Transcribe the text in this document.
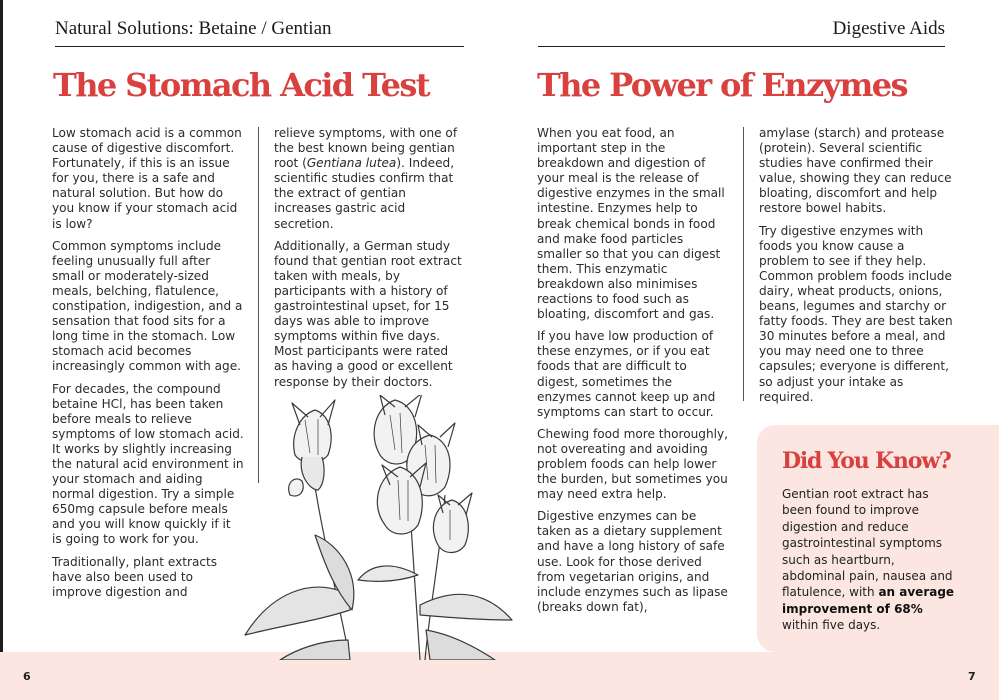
Natural Solutions: Betaine / Gentian
The Stomach Acid Test

Low stomach acid is a common cause of digestive discomfort. Fortunately, if this is an issue for you, there is a safe and natural solution. But how do you know if your stomach acid is low?

Common symptoms include feeling unusually full after small or moderately-sized meals, belching, flatulence, constipation, indigestion, and a sensation that food sits for a long time in the stomach. Low stomach acid becomes increasingly common with age.

For decades, the compound betaine HCl, has been taken before meals to relieve symptoms of low stomach acid. It works by slightly increasing the natural acid environment in your stomach and aiding normal digestion. Try a simple 650mg capsule before meals and you will know quickly if it is going to work for you.

Traditionally, plant extracts have also been used to improve digestion and

relieve symptoms, with one of the best known being gentian root (Gentiana lutea). Indeed, scientific studies confirm that the extract of gentian increases gastric acid secretion.

Additionally, a German study found that gentian root extract taken with meals, by participants with a history of gastrointestinal upset, for 15 days was able to improve symptoms within five days. Most participants were rated as having a good or excellent response by their doctors.

6
Digestive Aids
The Power of Enzymes

When you eat food, an important step in the breakdown and digestion of your meal is the release of digestive enzymes in the small intestine. Enzymes help to break chemical bonds in food and make food particles smaller so that you can digest them. This enzymatic breakdown also minimises reactions to food such as bloating, discomfort and gas.

If you have low production of these enzymes, or if you eat foods that are difficult to digest, sometimes the enzymes cannot keep up and symptoms can start to occur.

Chewing food more thoroughly, not overeating and avoiding problem foods can help lower the burden, but sometimes you may need extra help.

Digestive enzymes can be taken as a dietary supplement and have a long history of safe use. Look for those derived from vegetarian origins, and include enzymes such as lipase (breaks down fat),

amylase (starch) and protease (protein). Several scientific studies have confirmed their value, showing they can reduce bloating, discomfort and help restore bowel habits.

Try digestive enzymes with foods you know cause a problem to see if they help. Common problem foods include dairy, wheat products, onions, beans, legumes and starchy or fatty foods. They are best taken 30 minutes before a meal, and you may need one to three capsules; everyone is different, so adjust your intake as required.

Did You Know?
Gentian root extract has been found to improve digestion and reduce gastrointestinal symptoms such as heartburn, abdominal pain, nausea and flatulence, with an average improvement of 68% within five days.
7
